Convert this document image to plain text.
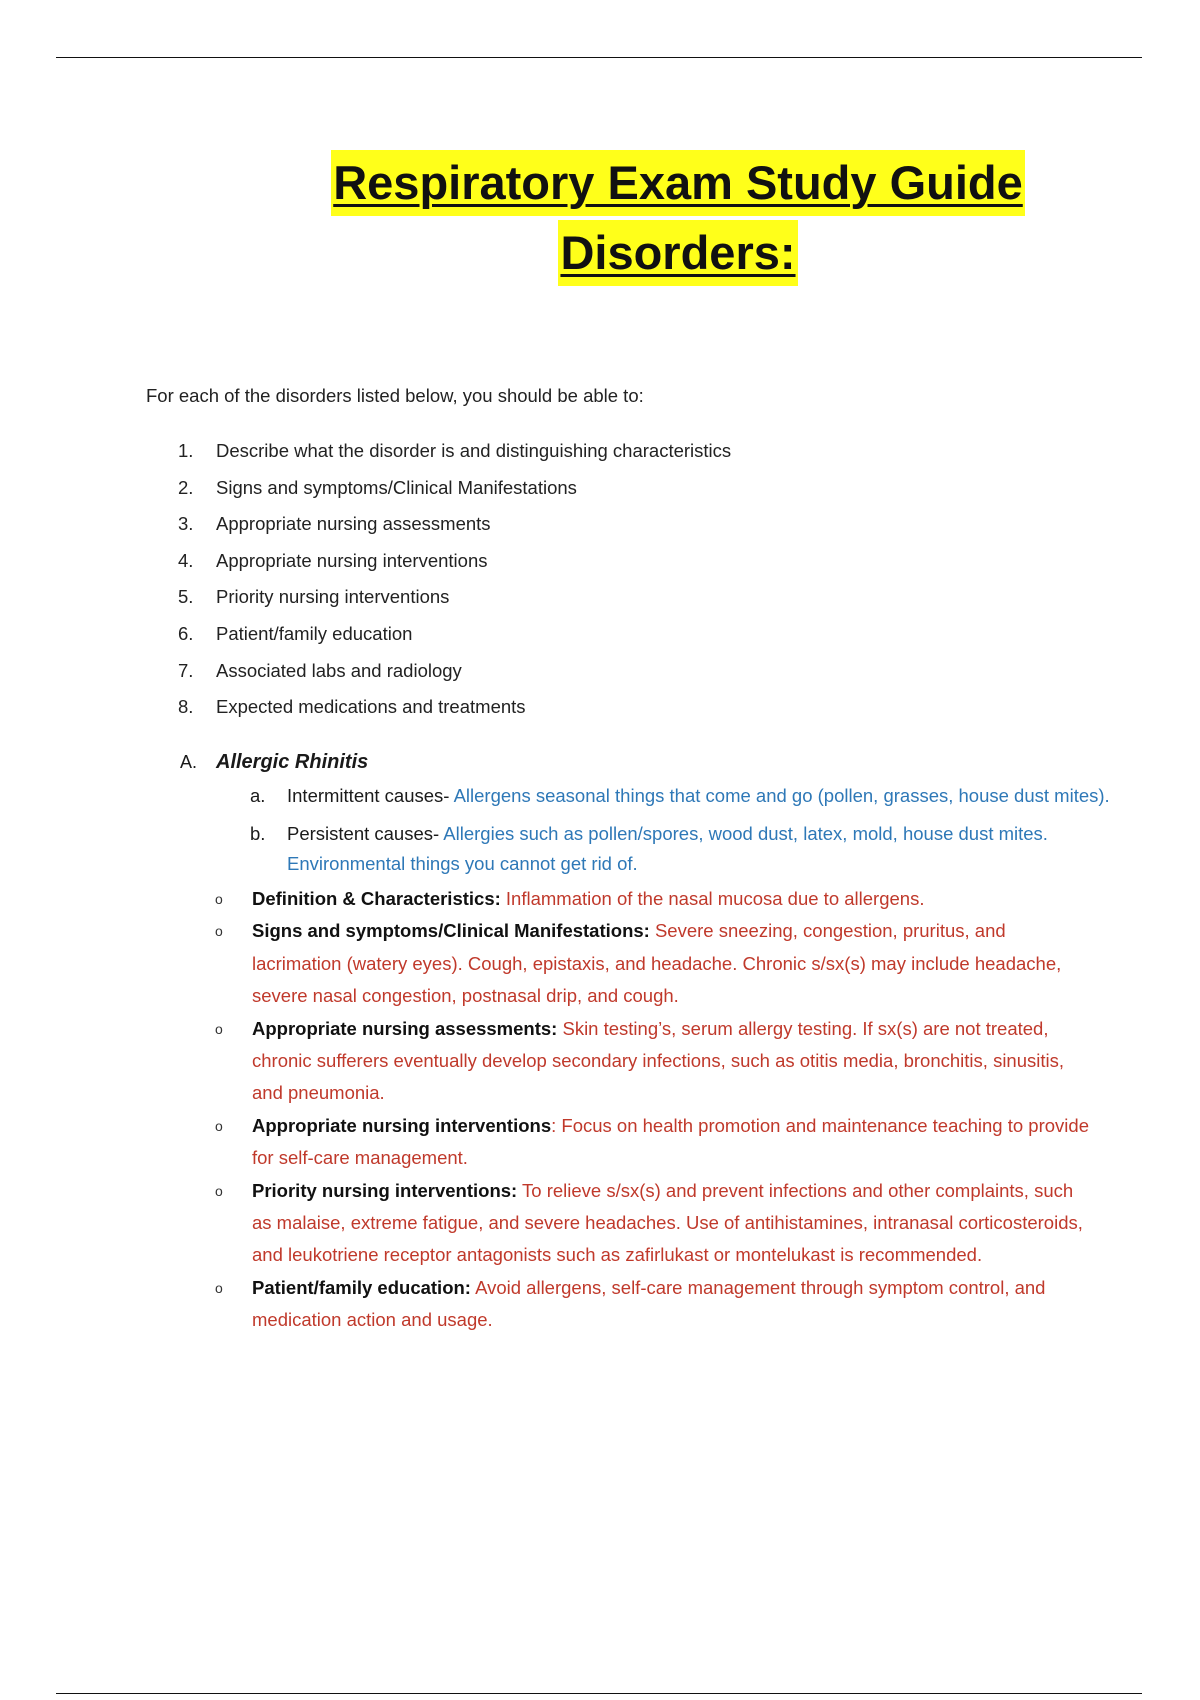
Respiratory Exam Study Guide
Disorders:
For each of the disorders listed below, you should be able to:
1. Describe what the disorder is and distinguishing characteristics
2. Signs and symptoms/Clinical Manifestations
3. Appropriate nursing assessments
4. Appropriate nursing interventions
5. Priority nursing interventions
6. Patient/family education
7. Associated labs and radiology
8. Expected medications and treatments
A. Allergic Rhinitis
a. Intermittent causes- Allergens seasonal things that come and go (pollen, grasses, house dust mites).
b. Persistent causes- Allergies such as pollen/spores, wood dust, latex, mold, house dust mites. Environmental things you cannot get rid of.
o Definition & Characteristics: Inflammation of the nasal mucosa due to allergens.
o Signs and symptoms/Clinical Manifestations: Severe sneezing, congestion, pruritus, and lacrimation (watery eyes). Cough, epistaxis, and headache. Chronic s/sx(s) may include headache, severe nasal congestion, postnasal drip, and cough.
o Appropriate nursing assessments: Skin testing’s, serum allergy testing. If sx(s) are not treated, chronic sufferers eventually develop secondary infections, such as otitis media, bronchitis, sinusitis, and pneumonia.
o Appropriate nursing interventions: Focus on health promotion and maintenance teaching to provide for self-care management.
o Priority nursing interventions: To relieve s/sx(s) and prevent infections and other complaints, such as malaise, extreme fatigue, and severe headaches. Use of antihistamines, intranasal corticosteroids, and leukotriene receptor antagonists such as zafirlukast or montelukast is recommended.
o Patient/family education: Avoid allergens, self-care management through symptom control, and medication action and usage.
